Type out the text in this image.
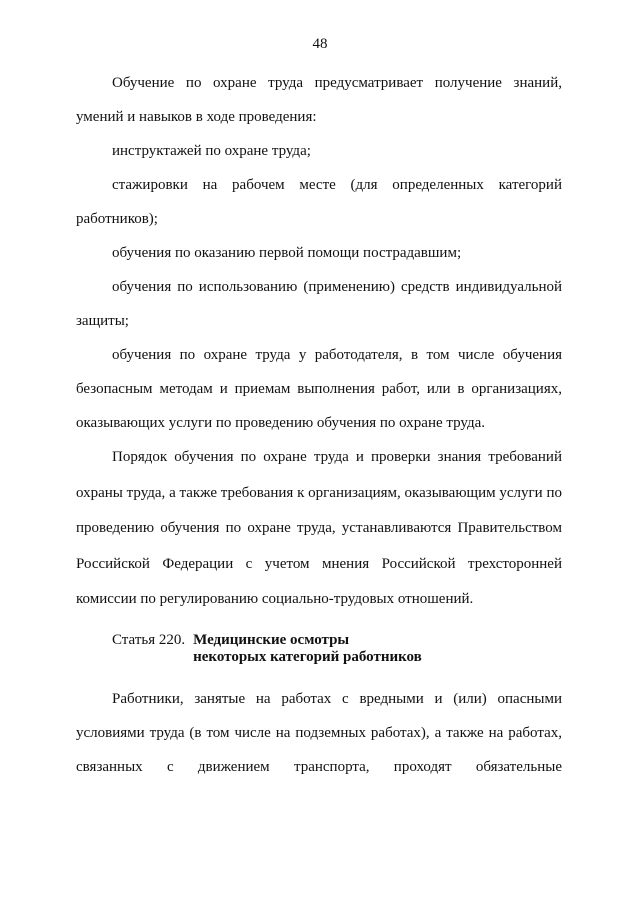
48

Обучение по охране труда предусматривает получение знаний, умений и навыков в ходе проведения:

инструктажей по охране труда;

стажировки на рабочем месте (для определенных категорий работников);

обучения по оказанию первой помощи пострадавшим;

обучения по использованию (применению) средств индивидуальной защиты;

обучения по охране труда у работодателя, в том числе обучения безопасным методам и приемам выполнения работ, или в организациях, оказывающих услуги по проведению обучения по охране труда.

Порядок обучения по охране труда и проверки знания требований охраны труда, а также требования к организациям, оказывающим услуги по проведению обучения по охране труда, устанавливаются Правительством Российской Федерации с учетом мнения Российской трехсторонней комиссии по регулированию социально-трудовых отношений.

Статья 220. Медицинские осмотры
некоторых категорий работников

Работники, занятые на работах с вредными и (или) опасными условиями труда (в том числе на подземных работах), а также на работах, связанных с движением транспорта, проходят обязательные
